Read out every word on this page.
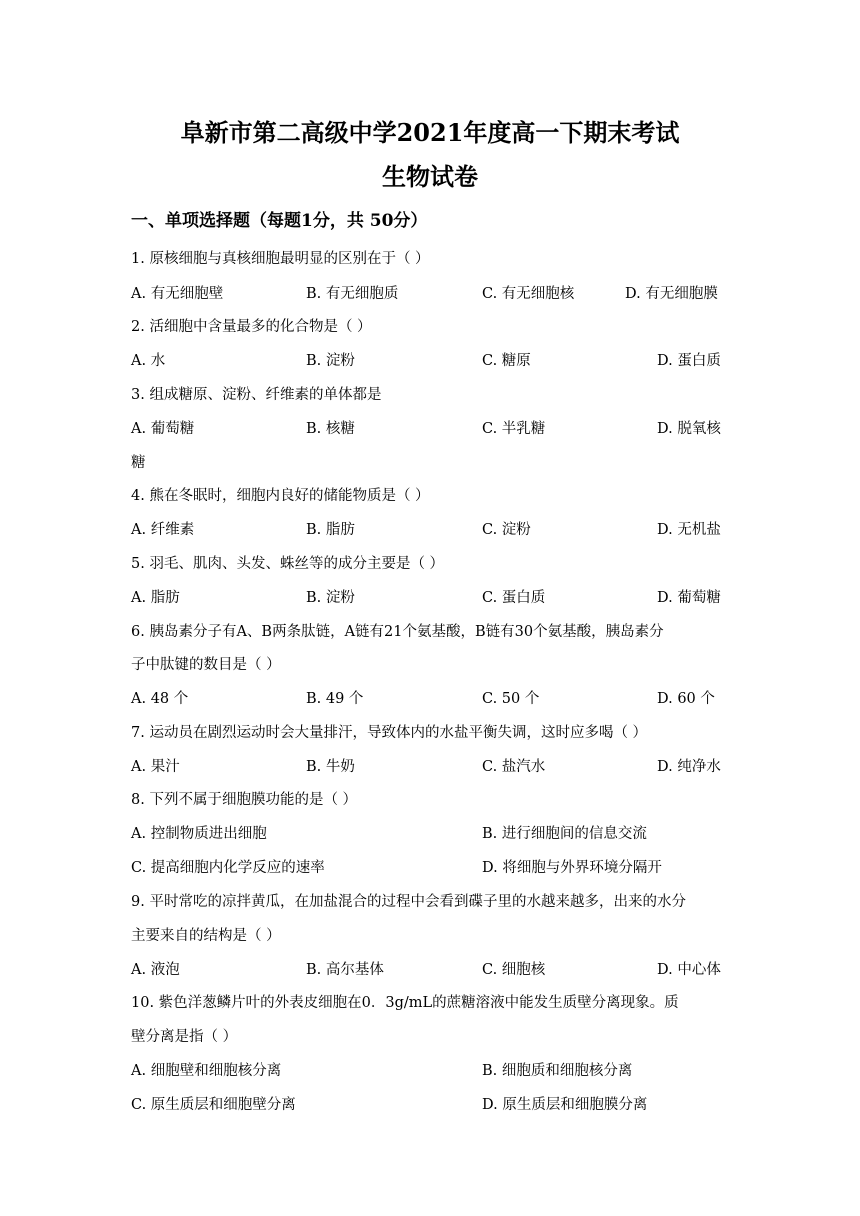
阜新市第二高级中学2021年度高一下期末考试
生物试卷
一、单项选择题（每题1分，共 50分）
1. 原核细胞与真核细胞最明显的区别在于（ ）
A. 有无细胞壁	B. 有无细胞质	C. 有无细胞核	D. 有无细胞膜
2. 活细胞中含量最多的化合物是（ ）
A. 水	B. 淀粉	C. 糖原	D. 蛋白质
3. 组成糖原、淀粉、纤维素的单体都是
A. 葡萄糖	B. 核糖	C. 半乳糖	D. 脱氧核
糖
4. 熊在冬眠时，细胞内良好的储能物质是（ ）
A. 纤维素	B. 脂肪	C. 淀粉	D. 无机盐
5. 羽毛、肌肉、头发、蛛丝等的成分主要是（ ）
A. 脂肪	B. 淀粉	C. 蛋白质	D. 葡萄糖
6. 胰岛素分子有A、B两条肽链，A链有21个氨基酸，B链有30个氨基酸，胰岛素分
子中肽键的数目是（ ）
A. 48 个	B. 49 个	C. 50 个	D. 60 个
7. 运动员在剧烈运动时会大量排汗，导致体内的水盐平衡失调，这时应多喝（ ）
A. 果汁	B. 牛奶	C. 盐汽水	D. 纯净水
8. 下列不属于细胞膜功能的是（ ）
A. 控制物质进出细胞	B. 进行细胞间的信息交流
C. 提高细胞内化学反应的速率	D. 将细胞与外界环境分隔开
9. 平时常吃的凉拌黄瓜，在加盐混合的过程中会看到碟子里的水越来越多，出来的水分
主要来自的结构是（ ）
A. 液泡	B. 高尔基体	C. 细胞核	D. 中心体
10. 紫色洋葱鳞片叶的外表皮细胞在0．3g/mL的蔗糖溶液中能发生质壁分离现象。质
壁分离是指（ ）
A. 细胞壁和细胞核分离	B. 细胞质和细胞核分离
C. 原生质层和细胞壁分离	D. 原生质层和细胞膜分离
